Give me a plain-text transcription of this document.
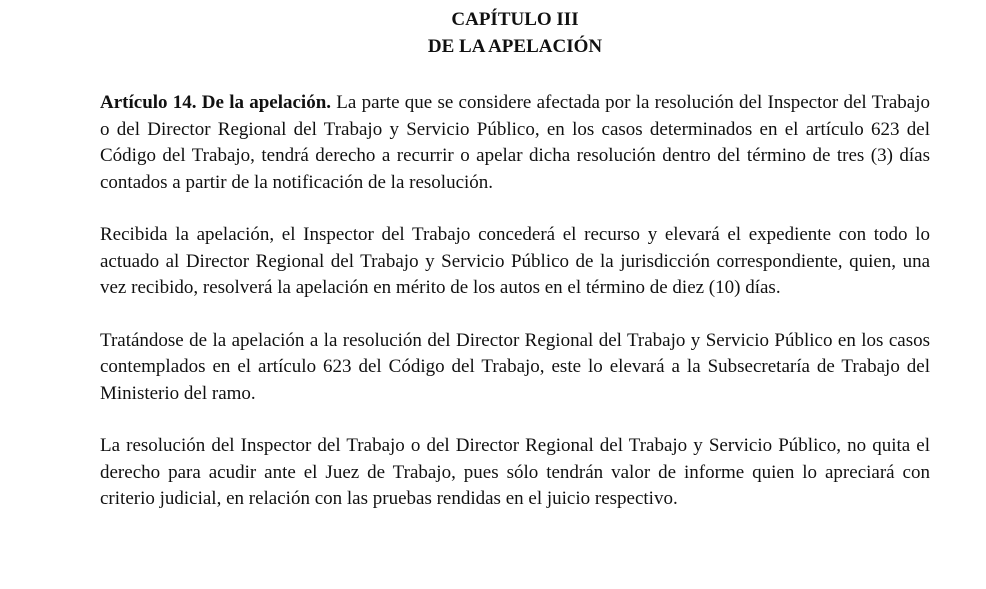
CAPÍTULO III
DE LA APELACIÓN

Artículo 14. De la apelación. La parte que se considere afectada por la resolución del Inspector del Trabajo o del Director Regional del Trabajo y Servicio Público, en los casos determinados en el artículo 623 del Código del Trabajo, tendrá derecho a recurrir o apelar dicha resolución dentro del término de tres (3) días contados a partir de la notificación de la resolución.

Recibida la apelación, el Inspector del Trabajo concederá el recurso y elevará el expediente con todo lo actuado al Director Regional del Trabajo y Servicio Público de la jurisdicción correspondiente, quien, una vez recibido, resolverá la apelación en mérito de los autos en el término de diez (10) días.

Tratándose de la apelación a la resolución del Director Regional del Trabajo y Servicio Público en los casos contemplados en el artículo 623 del Código del Trabajo, este lo elevará a la Subsecretaría de Trabajo del Ministerio del ramo.

La resolución del Inspector del Trabajo o del Director Regional del Trabajo y Servicio Público, no quita el derecho para acudir ante el Juez de Trabajo, pues sólo tendrán valor de informe quien lo apreciará con criterio judicial, en relación con las pruebas rendidas en el juicio respectivo.
